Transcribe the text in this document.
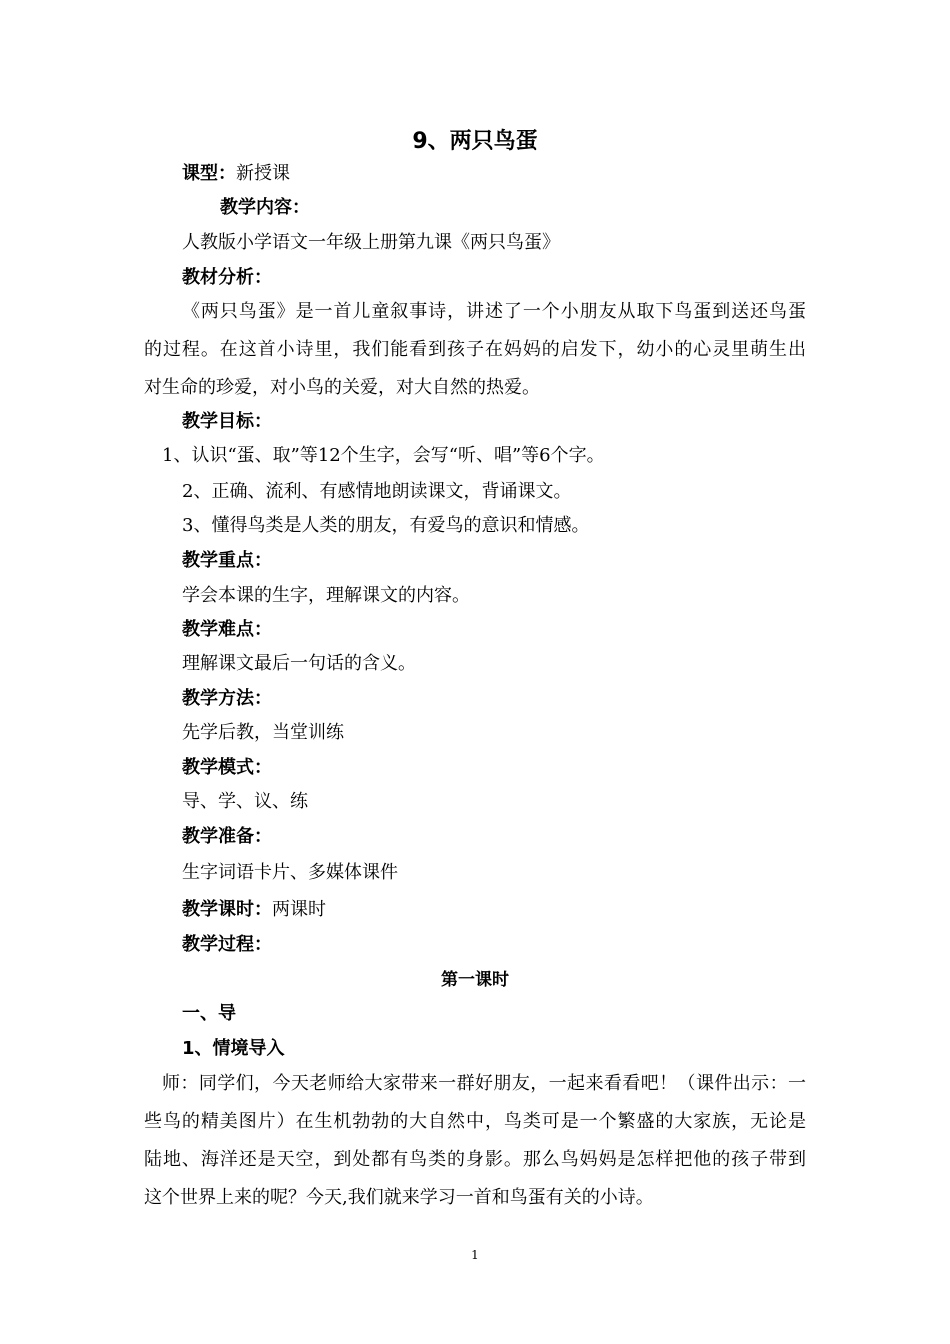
9、两只鸟蛋
课型：新授课
教学内容：
人教版小学语文一年级上册第九课《两只鸟蛋》
教材分析：
《两只鸟蛋》是一首儿童叙事诗，讲述了一个小朋友从取下鸟蛋到送还鸟蛋
的过程。在这首小诗里，我们能看到孩子在妈妈的启发下，幼小的心灵里萌生出
对生命的珍爱，对小鸟的关爱，对大自然的热爱。
教学目标：
1、认识“蛋、取”等12个生字，会写“听、唱”等6个字。
2、正确、流利、有感情地朗读课文，背诵课文。
3、懂得鸟类是人类的朋友，有爱鸟的意识和情感。
教学重点：
学会本课的生字，理解课文的内容。
教学难点：
理解课文最后一句话的含义。
教学方法：
先学后教，当堂训练
教学模式：
导、学、议、练
教学准备：
生字词语卡片、多媒体课件
教学课时：两课时
教学过程：
第一课时
一、导
1、情境导入
师：同学们，今天老师给大家带来一群好朋友，一起来看看吧！（课件出示：一
些鸟的精美图片）在生机勃勃的大自然中，鸟类可是一个繁盛的大家族，无论是
陆地、海洋还是天空，到处都有鸟类的身影。那么鸟妈妈是怎样把他的孩子带到
这个世界上来的呢？今天,我们就来学习一首和鸟蛋有关的小诗。
1
